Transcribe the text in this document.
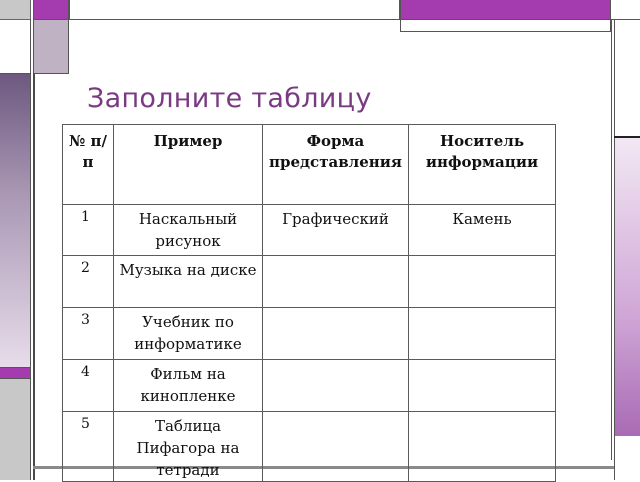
Заполните таблицу
№ п/п	Пример	Форма представления	Носитель информации
1	Наскальный рисунок	Графический	Камень
2	Музыка на диске		
3	Учебник по информатике		
4	Фильм на кинопленке		
5	Таблица Пифагора на тетради		
